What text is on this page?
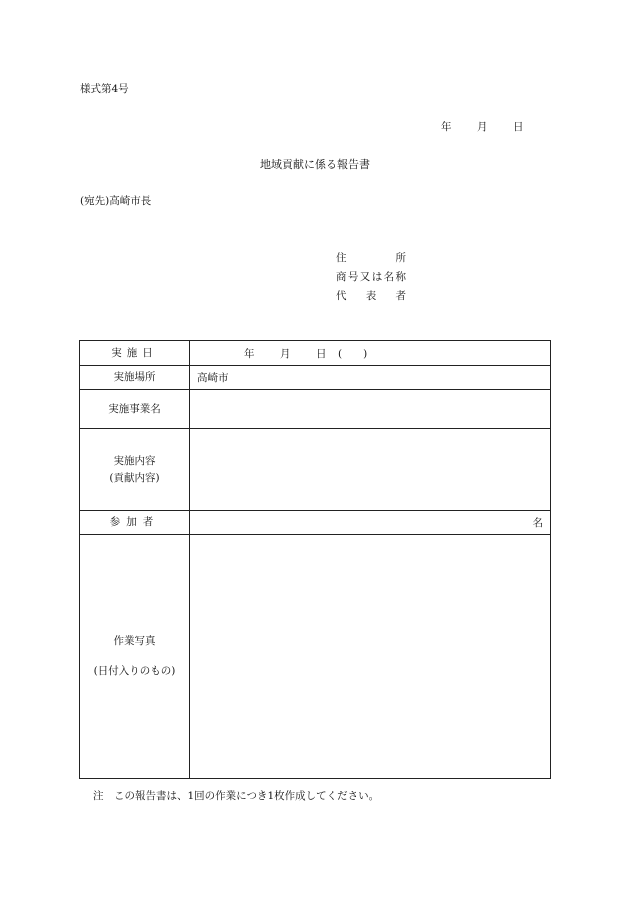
様式第4号
年 月 日
地域貢献に係る報告書
(宛先)高崎市長
住所
商号又は名称
代表者
実施日	年 月 日 (　　)
実施場所	高崎市
実施事業名	

実施内容
(貢献内容)	

参加者	名

作業写真
(日付入りのもの)	

注　この報告書は、1回の作業につき1枚作成してください。
